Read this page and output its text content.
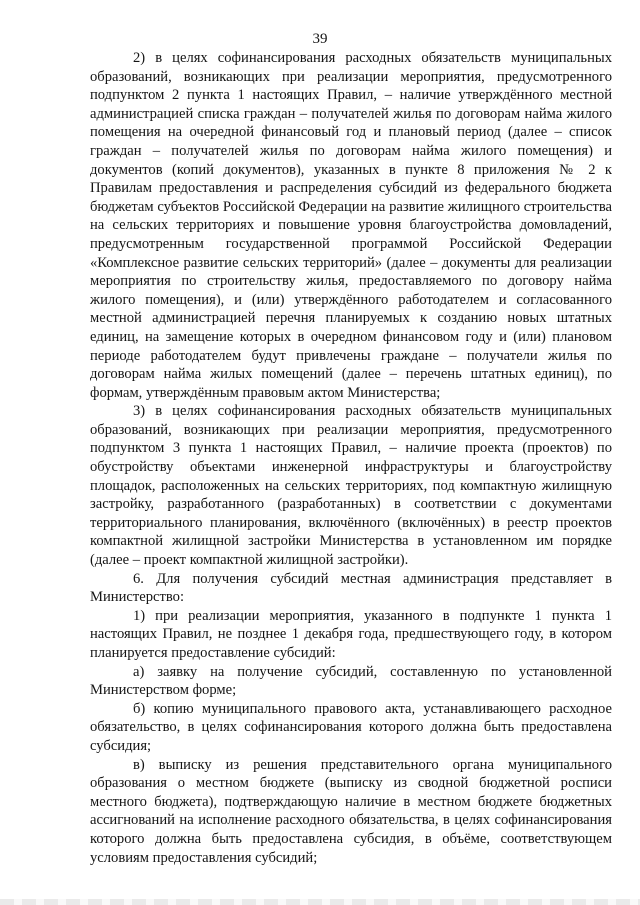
39

2) в целях софинансирования расходных обязательств муниципальных образований, возникающих при реализации мероприятия, предусмотренного подпунктом 2 пункта 1 настоящих Правил, – наличие утверждённого местной администрацией списка граждан – получателей жилья по договорам найма жилого помещения на очередной финансовый год и плановый период (далее – список граждан – получателей жилья по договорам найма жилого помещения) и документов (копий документов), указанных в пункте 8 приложения № 2 к Правилам предоставления и распределения субсидий из федерального бюджета бюджетам субъектов Российской Федерации на развитие жилищного строительства на сельских территориях и повышение уровня благоустройства домовладений, предусмотренным государственной программой Российской Федерации «Комплексное развитие сельских территорий» (далее – документы для реализации мероприятия по строительству жилья, предоставляемого по договору найма жилого помещения), и (или) утверждённого работодателем и согласованного местной администрацией перечня планируемых к созданию новых штатных единиц, на замещение которых в очередном финансовом году и (или) плановом периоде работодателем будут привлечены граждане – получатели жилья по договорам найма жилых помещений (далее – перечень штатных единиц), по формам, утверждённым правовым актом Министерства;

3) в целях софинансирования расходных обязательств муниципальных образований, возникающих при реализации мероприятия, предусмотренного подпунктом 3 пункта 1 настоящих Правил, – наличие проекта (проектов) по обустройству объектами инженерной инфраструктуры и благоустройству площадок, расположенных на сельских территориях, под компактную жилищную застройку, разработанного (разработанных) в соответствии с документами территориального планирования, включённого (включённых) в реестр проектов компактной жилищной застройки Министерства в установленном им порядке (далее – проект компактной жилищной застройки).

6. Для получения субсидий местная администрация представляет в Министерство:

1) при реализации мероприятия, указанного в подпункте 1 пункта 1 настоящих Правил, не позднее 1 декабря года, предшествующего году, в котором планируется предоставление субсидий:

а) заявку на получение субсидий, составленную по установленной Министерством форме;

б) копию муниципального правового акта, устанавливающего расходное обязательство, в целях софинансирования которого должна быть предоставлена субсидия;

в) выписку из решения представительного органа муниципального образования о местном бюджете (выписку из сводной бюджетной росписи местного бюджета), подтверждающую наличие в местном бюджете бюджетных ассигнований на исполнение расходного обязательства, в целях софинансирования которого должна быть предоставлена субсидия, в объёме, соответствующем условиям предоставления субсидий;
